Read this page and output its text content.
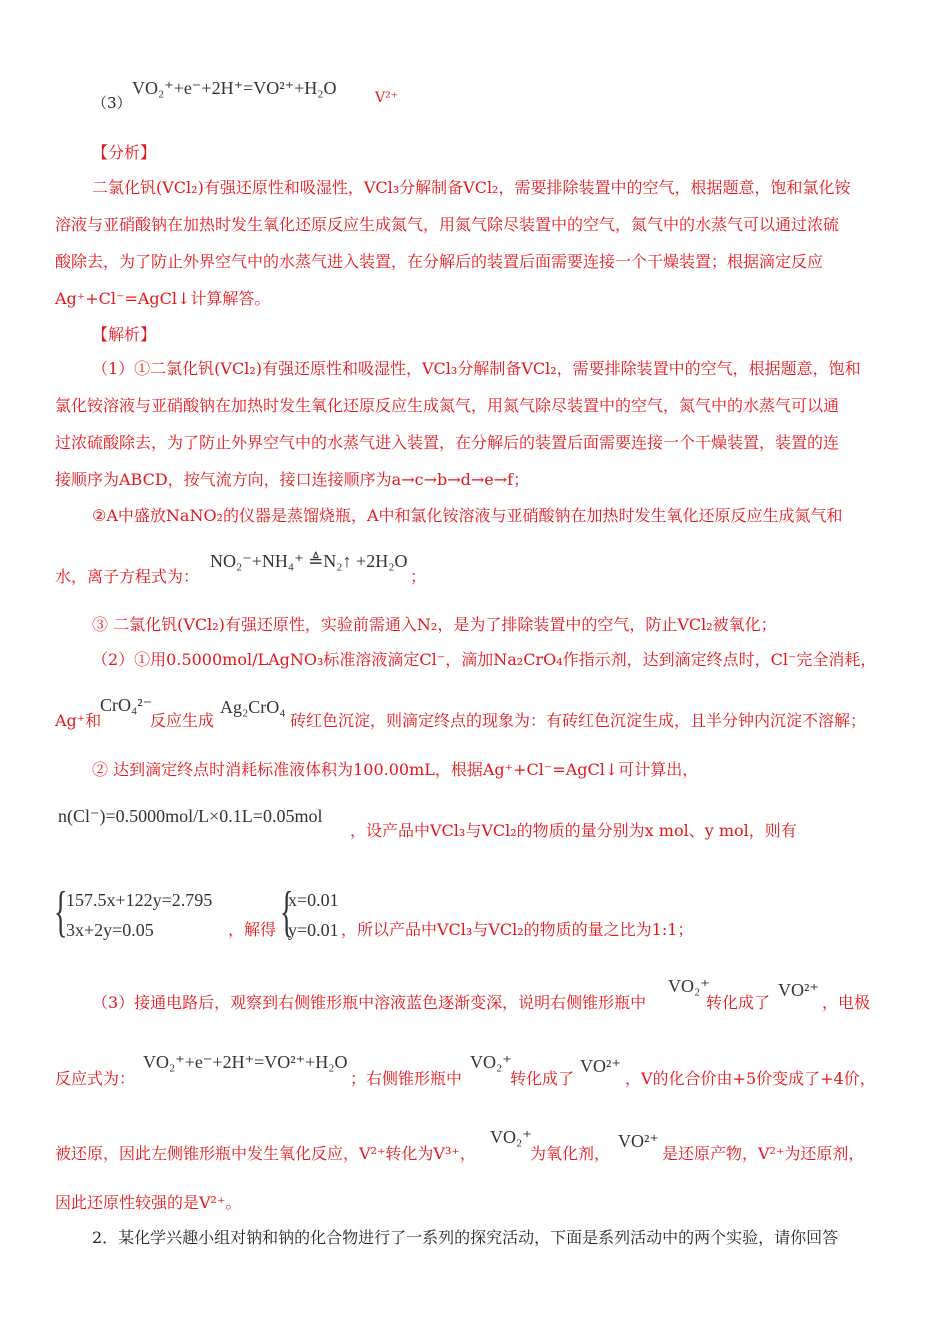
（3）
VO₂⁺+e⁻+2H⁺=VO²⁺+H₂O	V²⁺
【分析】
二氯化钒(VCl₂)有强还原性和吸湿性，VCl₃分解制备VCl₂，需要排除装置中的空气，根据题意，饱和氯化铵
溶液与亚硝酸钠在加热时发生氧化还原反应生成氮气，用氮气除尽装置中的空气，氮气中的水蒸气可以通过浓硫
酸除去，为了防止外界空气中的水蒸气进入装置，在分解后的装置后面需要连接一个干燥装置；根据滴定反应
Ag⁺+Cl⁻=AgCl↓计算解答。
【解析】
（1）①二氯化钒(VCl₂)有强还原性和吸湿性，VCl₃分解制备VCl₂，需要排除装置中的空气，根据题意，饱和
氯化铵溶液与亚硝酸钠在加热时发生氧化还原反应生成氮气，用氮气除尽装置中的空气，氮气中的水蒸气可以通
过浓硫酸除去，为了防止外界空气中的水蒸气进入装置，在分解后的装置后面需要连接一个干燥装置，装置的连
接顺序为ABCD，按气流方向，接口连接顺序为a→c→b→d→e→f；
②A中盛放NaNO₂的仪器是蒸馏烧瓶，A中和氯化铵溶液与亚硝酸钠在加热时发生氧化还原反应生成氮气和
水，离子方程式为：
NO₂⁻+NH₄⁺ ≜N₂↑ +2H₂O
；
③ 二氯化钒(VCl₂)有强还原性，实验前需通入N₂，是为了排除装置中的空气，防止VCl₂被氧化；
（2）①用0.5000mol/LAgNO₃标准溶液滴定Cl⁻，滴加Na₂CrO₄作指示剂，达到滴定终点时，Cl⁻完全消耗，
Ag⁺和
CrO₄²⁻
反应生成
Ag₂CrO₄
砖红色沉淀，则滴定终点的现象为：有砖红色沉淀生成，且半分钟内沉淀不溶解；
② 达到滴定终点时消耗标准液体积为100.00mL，根据Ag⁺+Cl⁻=AgCl↓可计算出，
n(Cl⁻)=0.5000mol/L×0.1L=0.05mol
，设产品中VCl₃与VCl₂的物质的量分别为x mol、y mol，则有
{
157.5x+122y=2.795
3x+2y=0.05	，解得 {
x=0.01
y=0.01 ，所以产品中VCl₃与VCl₂的物质的量之比为1:1；
（3）接通电路后，观察到右侧锥形瓶中溶液蓝色逐渐变深，说明右侧锥形瓶中
VO₂⁺
转化成了
VO²⁺
，电极
反应式为：
VO₂⁺+e⁻+2H⁺=VO²⁺+H₂O
；右侧锥形瓶中
VO₂⁺
转化成了
VO²⁺
，V的化合价由+5价变成了+4价，
被还原，因此左侧锥形瓶中发生氧化反应，V²⁺转化为V³⁺，
VO₂⁺
为氧化剂，
VO²⁺
是还原产物，V²⁺为还原剂，
因此还原性较强的是V²⁺。
2．某化学兴趣小组对钠和钠的化合物进行了一系列的探究活动，下面是系列活动中的两个实验，请你回答
